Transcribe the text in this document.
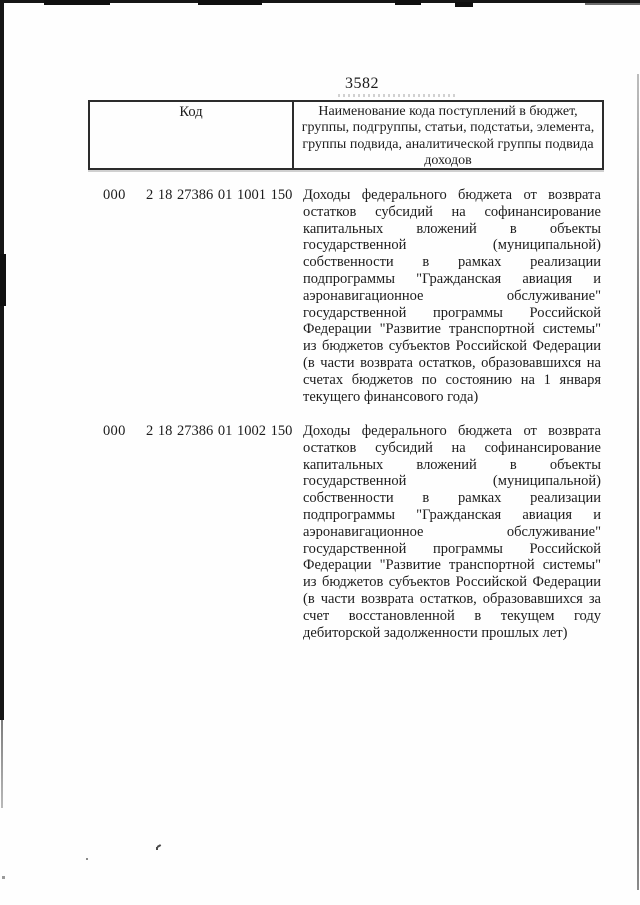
3582
Код	Наименование кода поступлений в бюджет, группы, подгруппы, статьи, подстатьи, элемента, группы подвида, аналитической группы подвида доходов
000 2 18 27386 01 1001 150 Доходы федерального бюджета от возврата остатков субсидий на софинансирование капитальных вложений в объекты государственной (муниципальной) собственности в рамках реализации подпрограммы "Гражданская авиация и аэронавигационное обслуживание" государственной программы Российской Федерации "Развитие транспортной системы" из бюджетов субъектов Российской Федерации (в части возврата остатков, образовавшихся на счетах бюджетов по состоянию на 1 января текущего финансового года)
000 2 18 27386 01 1002 150 Доходы федерального бюджета от возврата остатков субсидий на софинансирование капитальных вложений в объекты государственной (муниципальной) собственности в рамках реализации подпрограммы "Гражданская авиация и аэронавигационное обслуживание" государственной программы Российской Федерации "Развитие транспортной системы" из бюджетов субъектов Российской Федерации (в части возврата остатков, образовавшихся за счет восстановленной в текущем году дебиторской задолженности прошлых лет)
